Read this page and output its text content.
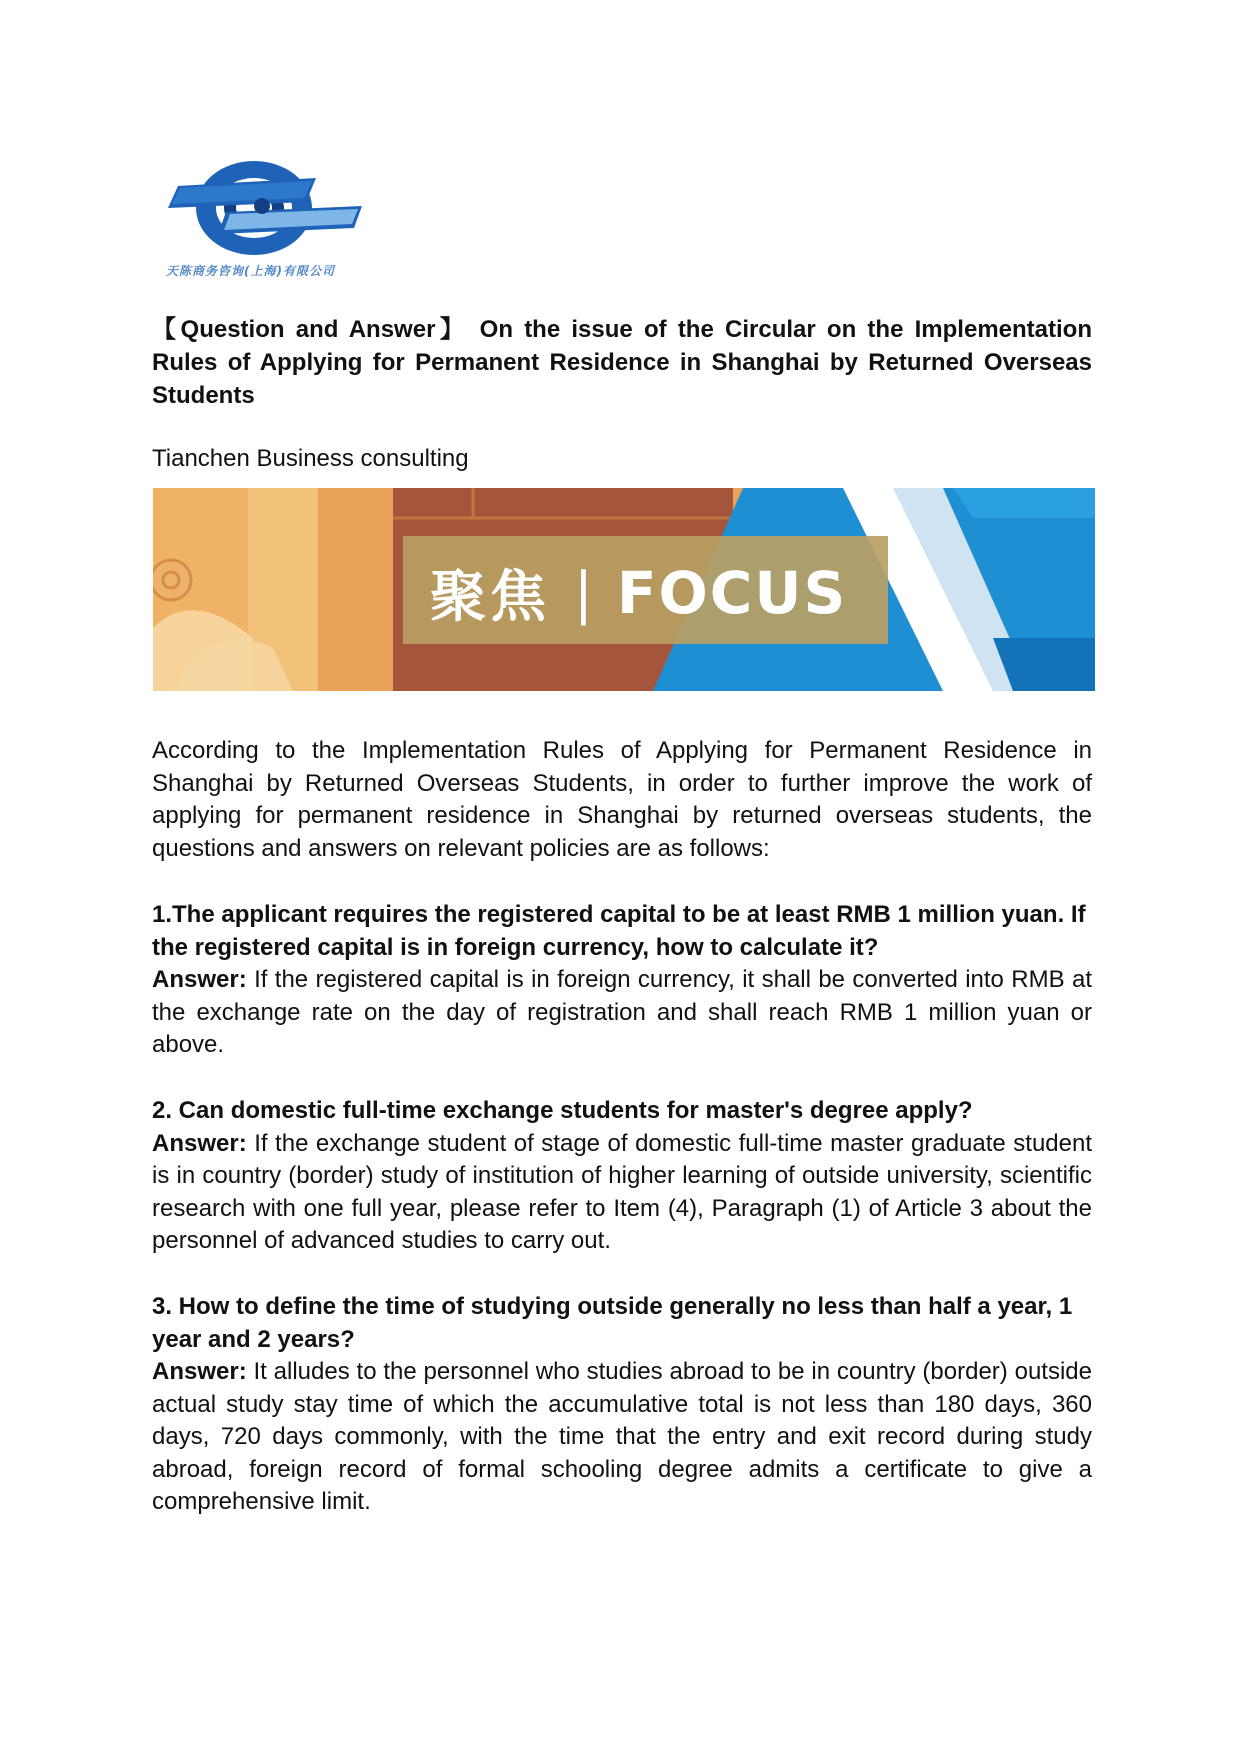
天陈商务咨询(上海)有限公司
【Question and Answer】 On the issue of the Circular on the Implementation Rules of Applying for Permanent Residence in Shanghai by Returned Overseas Students

Tianchen Business consulting

聚焦 | FOCUS

According to the Implementation Rules of Applying for Permanent Residence in Shanghai by Returned Overseas Students, in order to further improve the work of applying for permanent residence in Shanghai by returned overseas students, the questions and answers on relevant policies are as follows:

1.The applicant requires the registered capital to be at least RMB 1 million yuan. If the registered capital is in foreign currency, how to calculate it?

Answer: If the registered capital is in foreign currency, it shall be converted into RMB at the exchange rate on the day of registration and shall reach RMB 1 million yuan or above.

2. Can domestic full-time exchange students for master's degree apply?

Answer: If the exchange student of stage of domestic full-time master graduate student is in country (border) study of institution of higher learning of outside university, scientific research with one full year, please refer to Item (4), Paragraph (1) of Article 3 about the personnel of advanced studies to carry out.

3. How to define the time of studying outside generally no less than half a year, 1 year and 2 years?

Answer: It alludes to the personnel who studies abroad to be in country (border) outside actual study stay time of which the accumulative total is not less than 180 days, 360 days, 720 days commonly, with the time that the entry and exit record during study abroad, foreign record of formal schooling degree admits a certificate to give a comprehensive limit.
